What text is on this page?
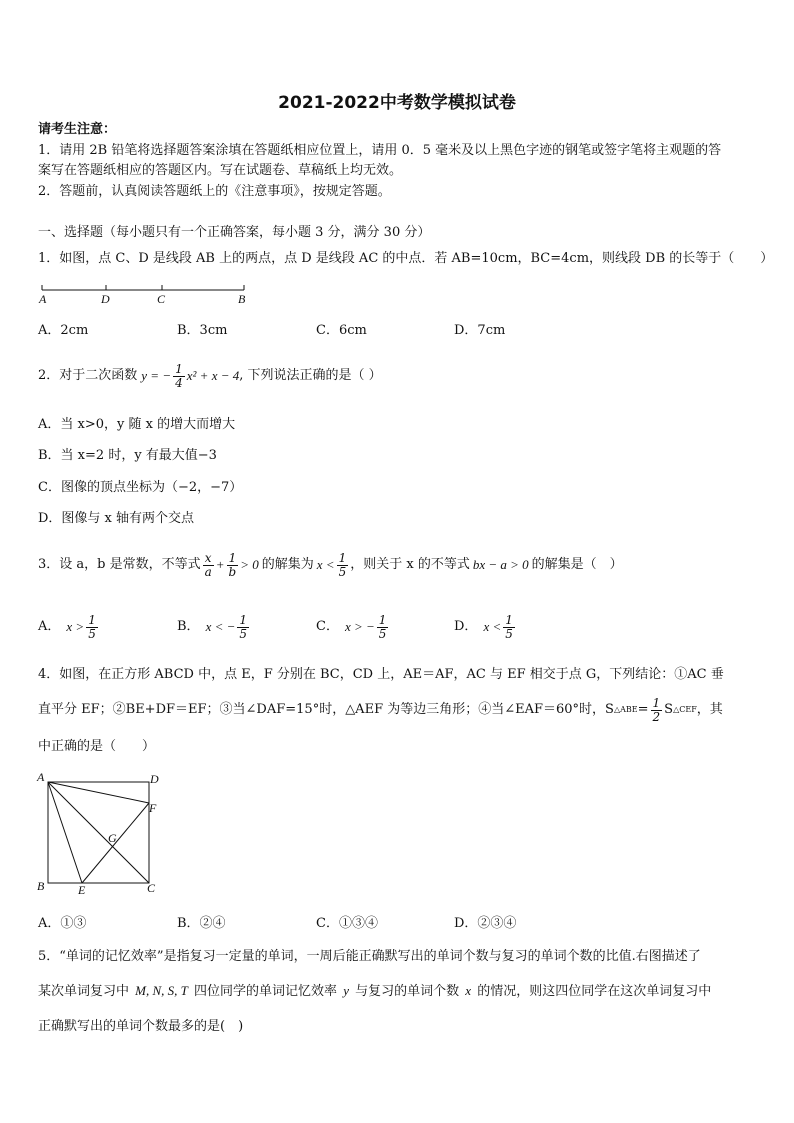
2021-2022中考数学模拟试卷
请考生注意：
1．请用 2B 铅笔将选择题答案涂填在答题纸相应位置上，请用 0．5 毫米及以上黑色字迹的钢笔或签字笔将主观题的答
案写在答题纸相应的答题区内。写在试题卷、草稿纸上均无效。
2．答题前，认真阅读答题纸上的《注意事项》，按规定答题。
一、选择题（每小题只有一个正确答案，每小题 3 分，满分 30 分）
1．如图，点 C、D 是线段 AB 上的两点，点 D 是线段 AC 的中点．若 AB=10cm，BC=4cm，则线段 DB 的长等于（　　）
A	D	C	B
A．2cm	B．3cm	C．6cm	D．7cm
2．对于二次函数 y = − $\frac{1}{4} x^2 + x - 4$ , 下列说法正确的是（ ）
A．当 x>0，y 随 x 的增大而增大
B．当 x=2 时，y 有最大值−3
C．图像的顶点坐标为（−2，−7）
D．图像与 x 轴有两个交点
3．设 a，b 是常数，不等式 $\frac{x}{a} + \frac{1}{b} > 0$ 的解集为 $x < \frac{1}{5}$ ，则关于 x 的不等式 bx − a > 0 的解集是（　）
A． $x > \frac{1}{5}$	B． x < − $\frac{1}{5}$	C． x > − $\frac{1}{5}$	D． $x < \frac{1}{5}$
4．如图，在正方形 ABCD 中，点 E，F 分别在 BC，CD 上，AE＝AF，AC 与 EF 相交于点 G，下列结论：①AC 垂
直平分 EF；②BE+DF＝EF；③当∠DAF=15°时，△AEF 为等边三角形；④当∠EAF＝60°时，S △ABE = $\frac{1}{2}$ S △CEF ，其
中正确的是（　　）
A	D
F
G
B	E	C
A．①③	B．②④	C．①③④	D．②③④
5．“单词的记忆效率”是指复习一定量的单词，一周后能正确默写出的单词个数与复习的单词个数的比值.右图描述了
某次单词复习中 M, N, S, T 四位同学的单词记忆效率 y 与复习的单词个数 x 的情况，则这四位同学在这次单词复习中
正确默写出的单词个数最多的是(　)
